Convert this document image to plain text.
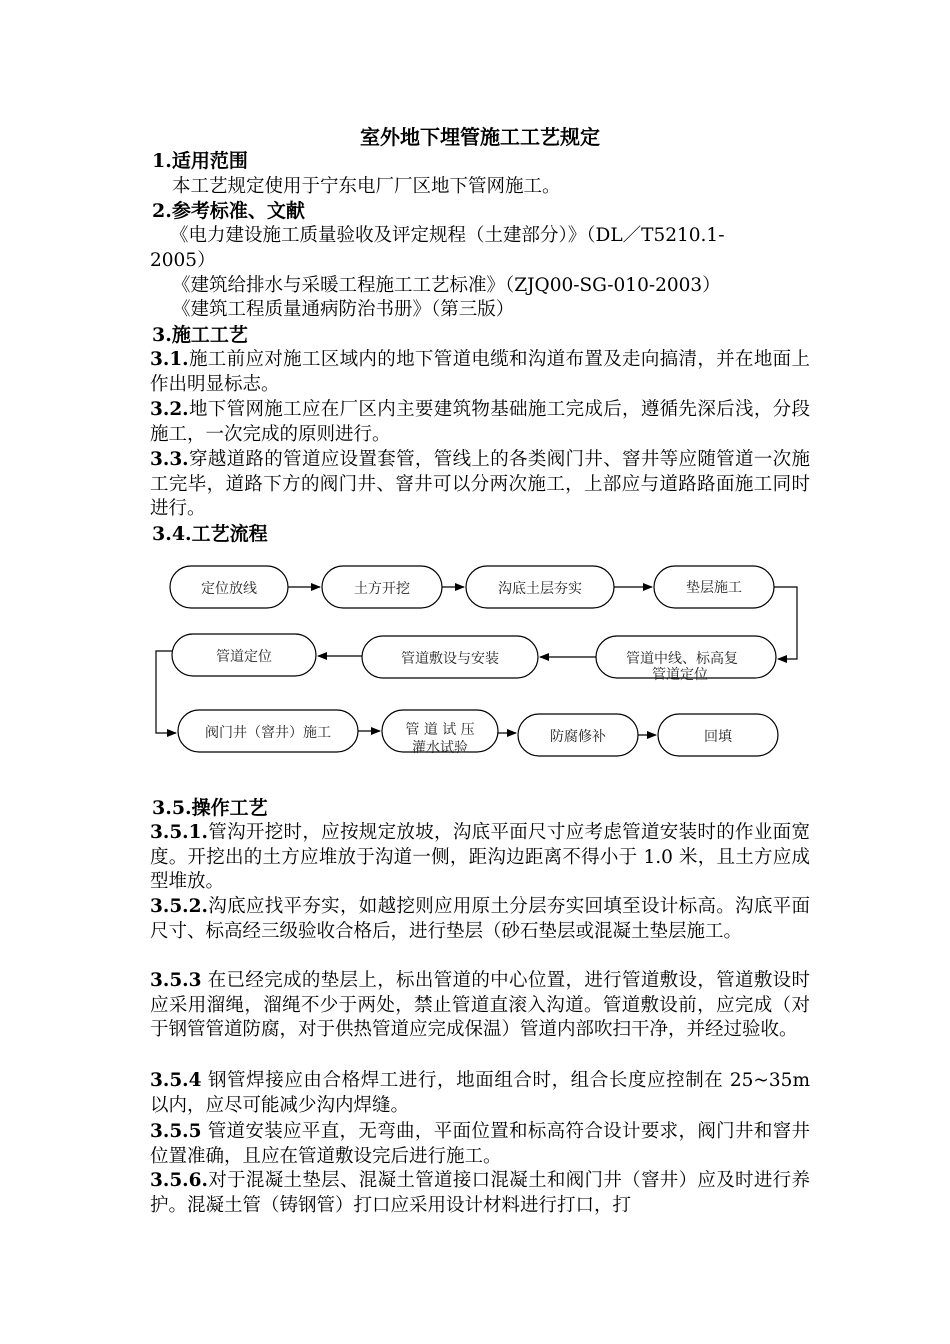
室外地下埋管施工工艺规定
1.适用范围
本工艺规定使用于宁东电厂厂区地下管网施工。
2.参考标准、文献
《电力建设施工质量验收及评定规程（土建部分）》（DL／T5210.1-
2005）
《建筑给排水与采暖工程施工工艺标准》（ZJQ00-SG-010-2003）
《建筑工程质量通病防治书册》（第三版）
3.施工工艺
3.1.施工前应对施工区域内的地下管道电缆和沟道布置及走向搞清，并在地面上作出明显标志。
3.2.地下管网施工应在厂区内主要建筑物基础施工完成后，遵循先深后浅，分段施工，一次完成的原则进行。
3.3.穿越道路的管道应设置套管，管线上的各类阀门井、窨井等应随管道一次施工完毕，道路下方的阀门井、窨井可以分两次施工，上部应与道路路面施工同时进行。
3.4.工艺流程
3.5.操作工艺
3.5.1.管沟开挖时，应按规定放坡，沟底平面尺寸应考虑管道安装时的作业面宽度。开挖出的土方应堆放于沟道一侧，距沟边距离不得小于 1.0 米，且土方应成型堆放。
3.5.2.沟底应找平夯实，如越挖则应用原土分层夯实回填至设计标高。沟底平面尺寸、标高经三级验收合格后，进行垫层（砂石垫层或混凝土垫层施工。
3.5.3 在已经完成的垫层上，标出管道的中心位置，进行管道敷设，管道敷设时应采用溜绳，溜绳不少于两处，禁止管道直滚入沟道。管道敷设前，应完成（对于钢管管道防腐，对于供热管道应完成保温）管道内部吹扫干净，并经过验收。
3.5.4 钢管焊接应由合格焊工进行，地面组合时，组合长度应控制在 25~35m 以内，应尽可能减少沟内焊缝。
3.5.5 管道安装应平直，无弯曲，平面位置和标高符合设计要求，阀门井和窨井位置准确，且应在管道敷设完后进行施工。
3.5.6.对于混凝土垫层、混凝土管道接口混凝土和阀门井（窨井）应及时进行养护。混凝土管（铸钢管）打口应采用设计材料进行打口，打
定位放线	土方开挖	沟底土层夯实	垫层施工
管道中线、标高复
管道定位
管道敷设与安装
管道定位
阀门井（窨井）施工	管 道 试 压
灌水试验
防腐修补	回填
